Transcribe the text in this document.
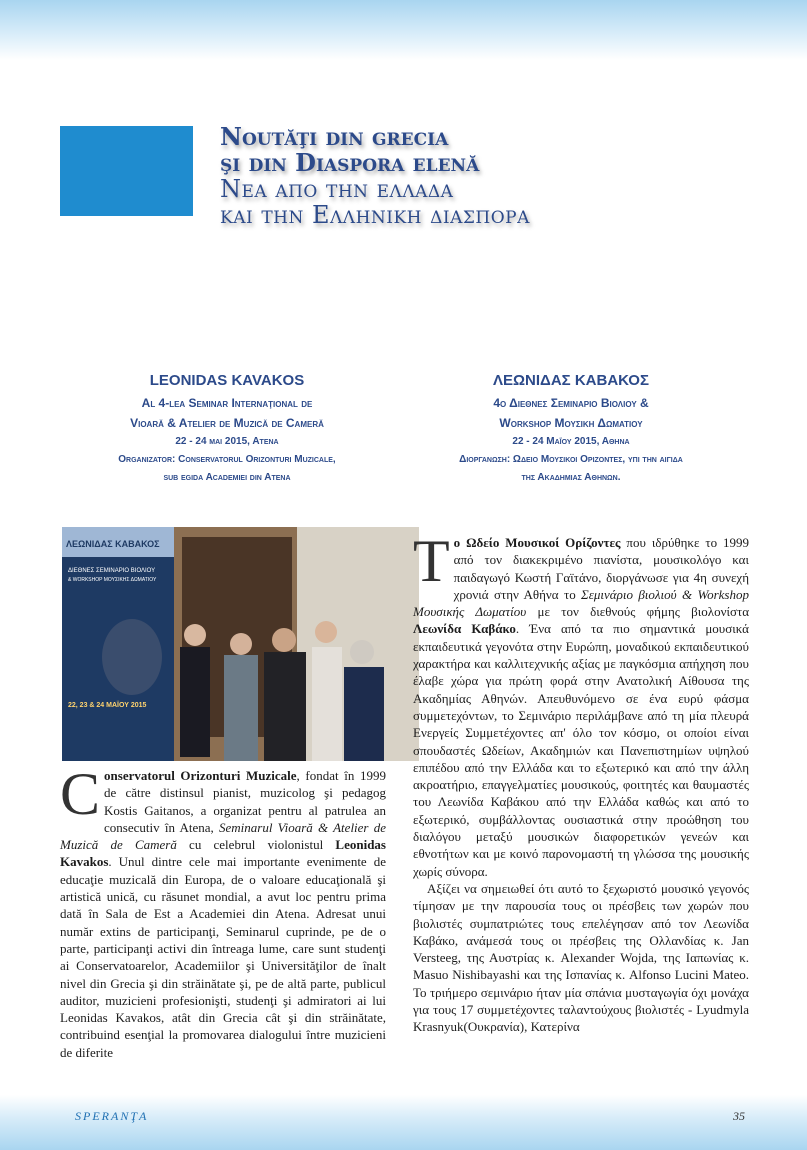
Noutăţi din grecia
şi din Diaspora elenă
Νεα απο την ελλαδα
και την Ελληνικη διασπορα
LEONIDAS KAVAKOS
Al 4-lea Seminar Internaţional de
Vioară & Atelier de Muzică de Cameră
22 - 24 mai 2015, Atena
Organizator: Conservatorul Orizonturi Muzicale,
sub egida Academiei din Atena
ΛΕΩΝΙΔΑΣ ΚΑΒΑΚΟΣ
4ο Διεθνες Σεμιναριο Βιολιου &
Workshop Μουσικη Δωματιου
22 - 24 Μαΐου 2015, Αθηνα
Διοργανωση: Ωδειο Μουσικοι Οριζοντες, υπι την αιγιδα
της Ακαδημιας Αθηνων.
ΛΕΩΝΙΔΑΣ ΚΑΒΑΚΟΣ
ΔΙΕΘΝΕΣ ΣΕΜΙΝΑΡΙΟ ΒΙΟΛΙΟΥ
& WORKSHOP ΜΟΥΣΙΚΗΣ ΔΩΜΑΤΙΟΥ
22, 23 & 24 ΜΑΪΟΥ 2015

Conservatorul Orizonturi Muzicale, fondat în 1999 de către distinsul pianist, muzicolog şi pedagog Kostis Gaitanos, a organizat pentru al patrulea an consecutiv în Atena, Seminarul Vioară & Atelier de Muzică de Cameră cu celebrul violonistul Leonidas Kavakos. Unul dintre cele mai importante evenimente de educaţie muzicală din Europa, de o valoare educaţională şi artistică unică, cu răsunet mondial, a avut loc pentru prima dată în Sala de Est a Academiei din Atena. Adresat unui număr extins de participanţi, Seminarul cuprinde, pe de o parte, participanţi activi din întreaga lume, care sunt studenţi ai Conservatoarelor, Academiilor şi Universităţilor de înalt nivel din Grecia şi din străinătate şi, pe de altă parte, publicul auditor, muzicieni profesionişti, studenţi şi admiratori ai lui Leonidas Kavakos, atât din Grecia cât şi din străinătate, contribuind esenţial la promovarea dialogului între muzicieni de diferite

Το Ωδείο Μουσικοί Ορίζοντες που ιδρύθηκε το 1999 από τον διακεκριμένο πιανίστα, μουσικολόγο και παιδαγωγό Κωστή Γαϊτάνο, διοργάνωσε για 4η συνεχή χρονιά στην Αθήνα το Σεμινάριο βιολιού & Workshop Μουσικής Δωματίου με τον διεθνούς φήμης βιολονίστα Λεωνίδα Καβάκο. Ένα από τα πιο σημαντικά μουσικά εκπαιδευτικά γεγονότα στην Ευρώπη, μοναδικού εκπαιδευτικού χαρακτήρα και καλλιτεχνικής αξίας με παγκόσμια απήχηση που έλαβε χώρα για πρώτη φορά στην Ανατολική Αίθουσα της Ακαδημίας Αθηνών. Απευθυνόμενο σε ένα ευρύ φάσμα συμμετεχόντων, το Σεμινάριο περιλάμβανε από τη μία πλευρά Ενεργείς Συμμετέχοντες απ' όλο τον κόσμο, οι οποίοι είναι σπουδαστές Ωδείων, Ακαδημιών και Πανεπιστημίων υψηλού επιπέδου από την Ελλάδα και το εξωτερικό και από την άλλη ακροατήριο, επαγγελματίες μουσικούς, φοιτητές και θαυμαστές του Λεωνίδα Καβάκου από την Ελλάδα καθώς και από το εξωτερικό, συμβάλλοντας ουσιαστικά στην προώθηση του διαλόγου μεταξύ μουσικών διαφορετικών γενεών και εθνοτήτων και με κοινό παρονομαστή τη γλώσσα της μουσικής χωρίς σύνορα.

Αξίζει να σημειωθεί ότι αυτό το ξεχωριστό μουσικό γεγονός τίμησαν με την παρουσία τους οι πρέσβεις των χωρών που βιολιστές συμπατριώτες τους επελέγησαν από τον Λεωνίδα Καβάκο, ανάμεσά τους οι πρέσβεις της Ολλανδίας κ. Jan Versteeg, της Αυστρίας κ. Alexander Wojda, της Ιαπωνίας κ. Masuo Nishibayashi και της Ισπανίας κ. Alfonso Lucini Mateo. Το τριήμερο σεμινάριο ήταν μία σπάνια μυσταγωγία όχι μονάχα για τους 17 συμμετέχοντες ταλαντούχους βιολιστές - Lyudmyla Krasnyuk(Ουκρανία), Κατερίνα

SPERANŢA	35
